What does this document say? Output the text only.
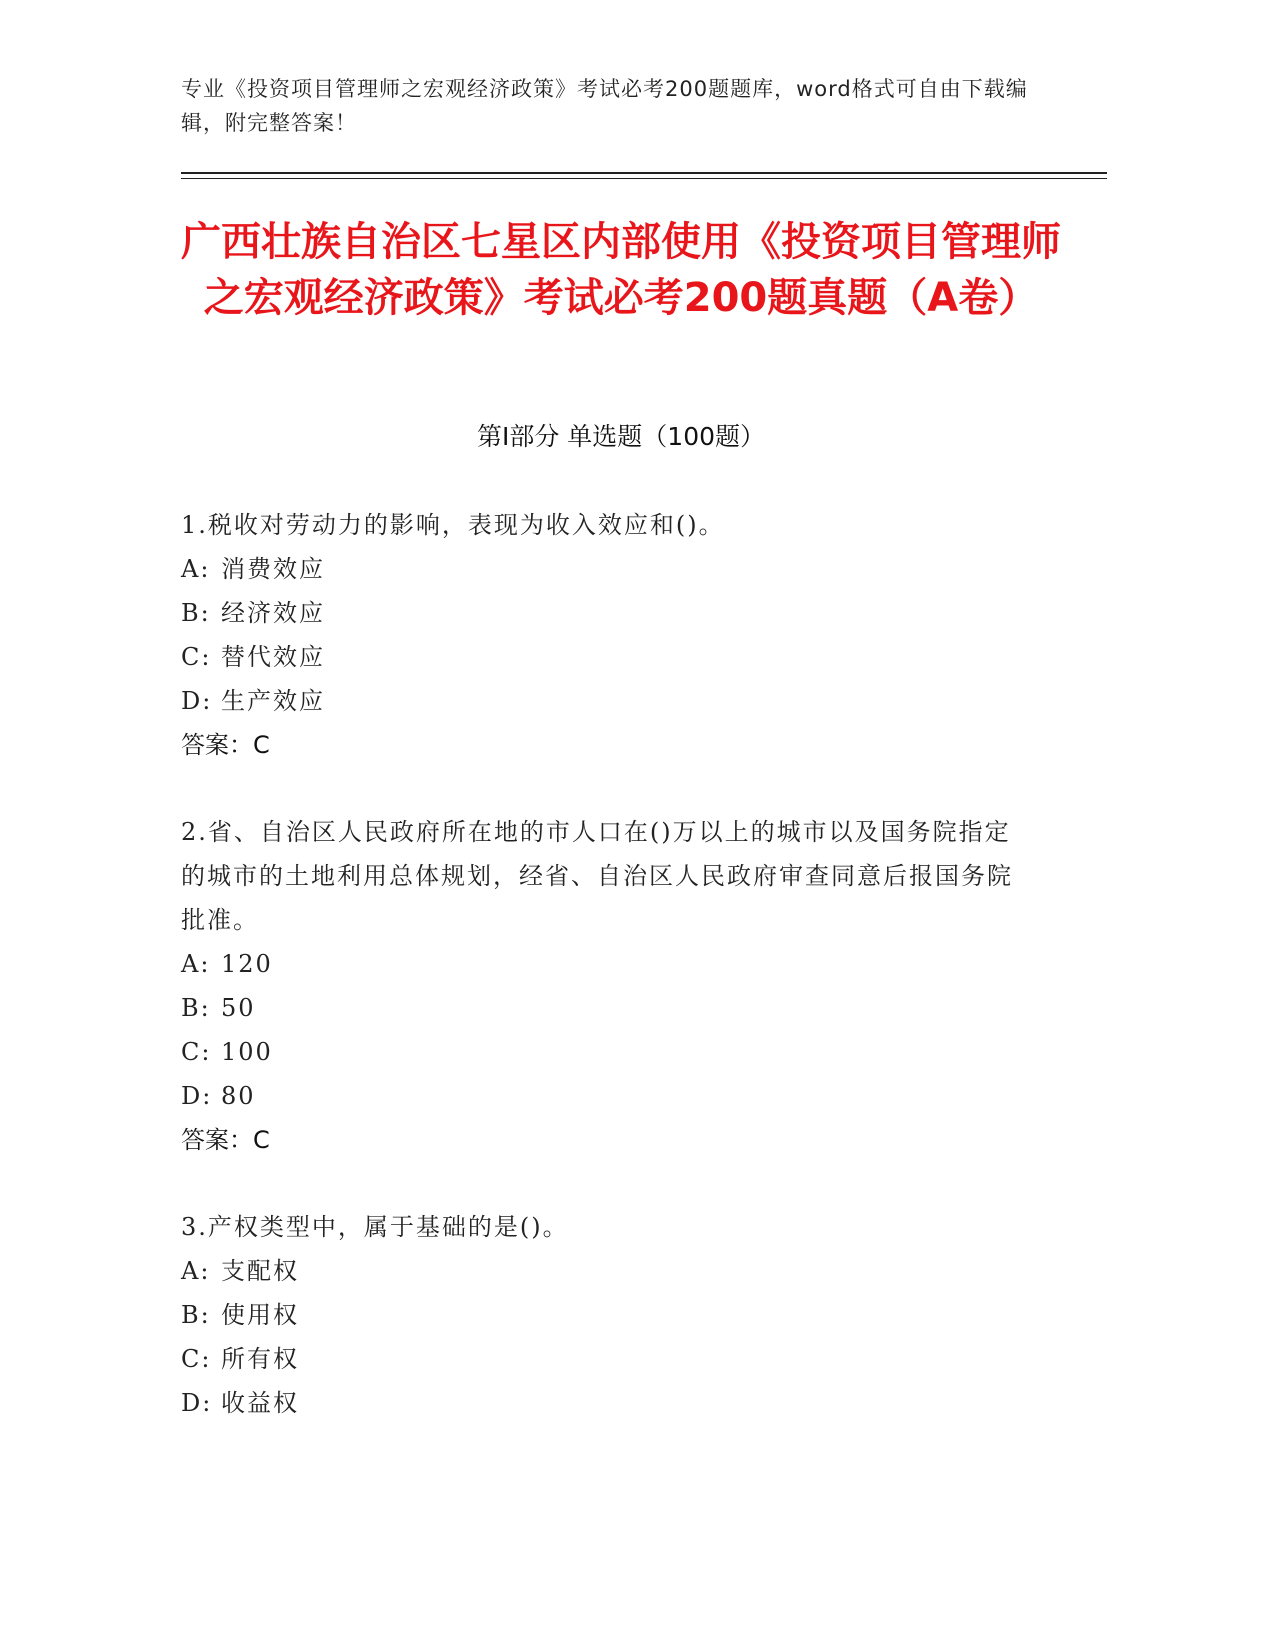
专业《投资项目管理师之宏观经济政策》考试必考200题题库，word格式可自由下载编辑，附完整答案！
广西壮族自治区七星区内部使用《投资项目管理师之宏观经济政策》考试必考200题真题（A卷）
第Ⅰ部分 单选题（100题）
1.税收对劳动力的影响，表现为收入效应和()。
A: 消费效应
B: 经济效应
C: 替代效应
D: 生产效应
答案：C
2.省、自治区人民政府所在地的市人口在()万以上的城市以及国务院指定的城市的土地利用总体规划，经省、自治区人民政府审查同意后报国务院批准。
A: 120
B: 50
C: 100
D: 80
答案：C
3.产权类型中，属于基础的是()。
A: 支配权
B: 使用权
C: 所有权
D: 收益权
